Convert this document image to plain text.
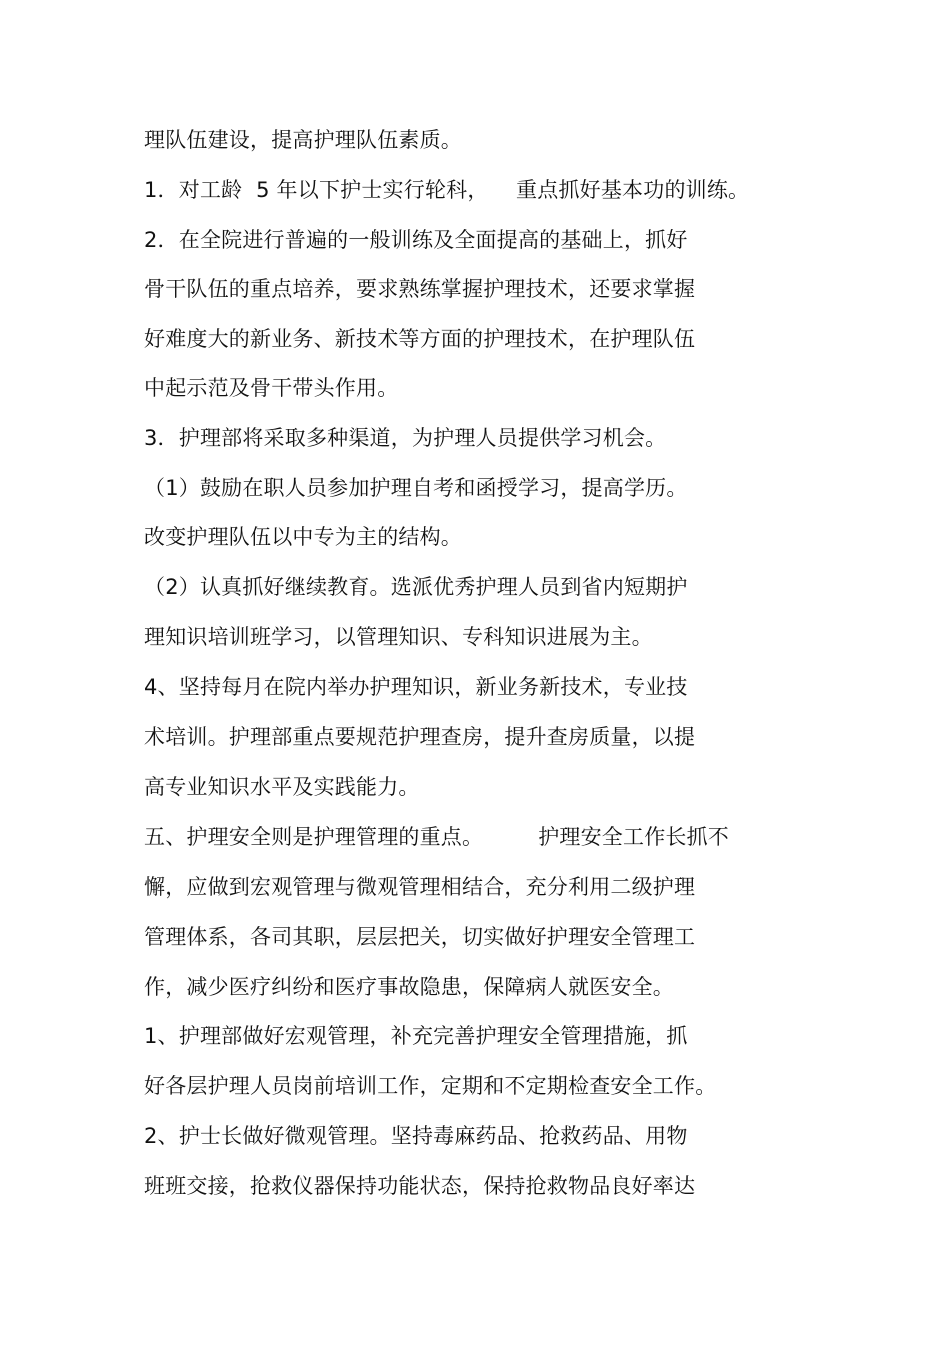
理队伍建设，提高护理队伍素质。
1．对工龄  5 年以下护士实行轮科，    重点抓好基本功的训练。
2．在全院进行普遍的一般训练及全面提高的基础上，抓好
骨干队伍的重点培养，要求熟练掌握护理技术，还要求掌握
好难度大的新业务、新技术等方面的护理技术，在护理队伍
中起示范及骨干带头作用。
3．护理部将采取多种渠道，为护理人员提供学习机会。
（1）鼓励在职人员参加护理自考和函授学习，提高学历。
改变护理队伍以中专为主的结构。
（2）认真抓好继续教育。选派优秀护理人员到省内短期护
理知识培训班学习，以管理知识、专科知识进展为主。
4、坚持每月在院内举办护理知识，新业务新技术，专业技
术培训。护理部重点要规范护理查房，提升查房质量，以提
高专业知识水平及实践能力。
五、护理安全则是护理管理的重点。        护理安全工作长抓不
懈，应做到宏观管理与微观管理相结合，充分利用二级护理
管理体系，各司其职，层层把关，切实做好护理安全管理工
作，减少医疗纠纷和医疗事故隐患，保障病人就医安全。
1、护理部做好宏观管理，补充完善护理安全管理措施，抓
好各层护理人员岗前培训工作，定期和不定期检查安全工作。
2、护士长做好微观管理。坚持毒麻药品、抢救药品、用物
班班交接，抢救仪器保持功能状态，保持抢救物品良好率达
